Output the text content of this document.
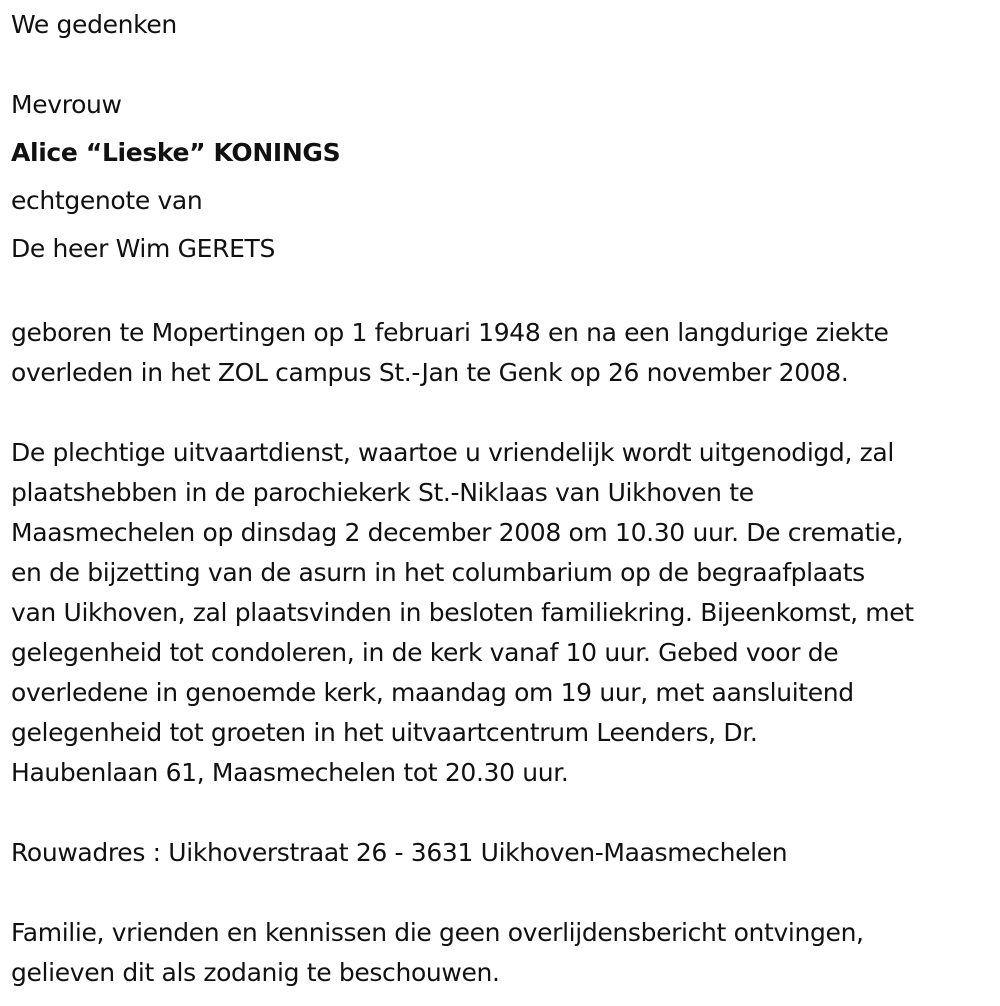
We gedenken

Mevrouw

Alice “Lieske” KONINGS

echtgenote van

De heer Wim GERETS

geboren te Mopertingen op 1 februari 1948 en na een langdurige ziekte

overleden in het ZOL campus St.-Jan te Genk op 26 november 2008.

De plechtige uitvaartdienst, waartoe u vriendelijk wordt uitgenodigd, zal

plaatshebben in de parochiekerk St.-Niklaas van Uikhoven te

Maasmechelen op dinsdag 2 december 2008 om 10.30 uur. De crematie,

en de bijzetting van de asurn in het columbarium op de begraafplaats

van Uikhoven, zal plaatsvinden in besloten familiekring. Bijeenkomst, met

gelegenheid tot condoleren, in de kerk vanaf 10 uur. Gebed voor de

overledene in genoemde kerk, maandag om 19 uur, met aansluitend

gelegenheid tot groeten in het uitvaartcentrum Leenders, Dr.

Haubenlaan 61, Maasmechelen tot 20.30 uur.

Rouwadres : Uikhoverstraat 26 - 3631 Uikhoven-Maasmechelen

Familie, vrienden en kennissen die geen overlijdensbericht ontvingen,

gelieven dit als zodanig te beschouwen.
